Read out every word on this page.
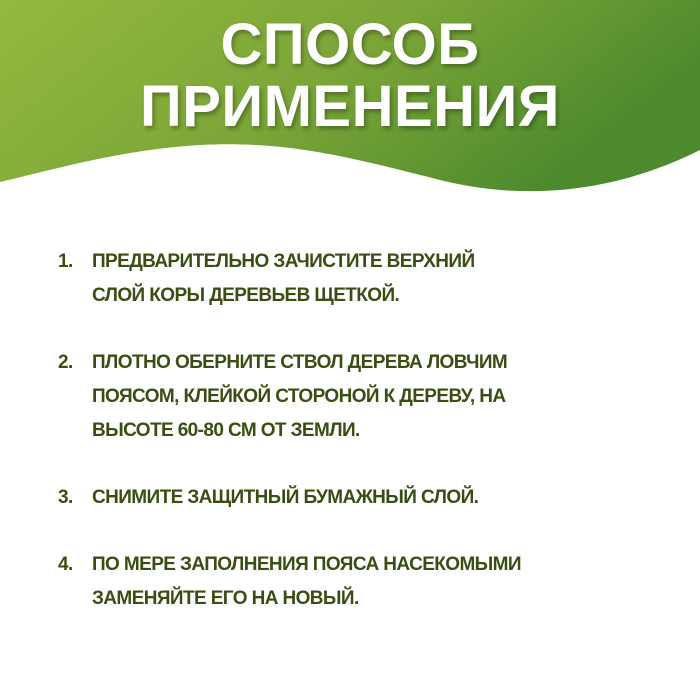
СПОСОБ
ПРИМЕНЕНИЯ
1.	ПРЕДВАРИТЕЛЬНО ЗАЧИСТИТЕ ВЕРХНИЙ
СЛОЙ КОРЫ ДЕРЕВЬЕВ ЩЕТКОЙ.
2.	ПЛОТНО ОБЕРНИТЕ СТВОЛ ДЕРЕВА ЛОВЧИМ
ПОЯСОМ, КЛЕЙКОЙ СТОРОНОЙ К ДЕРЕВУ, НА
ВЫСОТЕ 60-80 СМ ОТ ЗЕМЛИ.
3.	СНИМИТЕ ЗАЩИТНЫЙ БУМАЖНЫЙ СЛОЙ.
4.	ПО МЕРЕ ЗАПОЛНЕНИЯ ПОЯСА НАСЕКОМЫМИ
ЗАМЕНЯЙТЕ ЕГО НА НОВЫЙ.
